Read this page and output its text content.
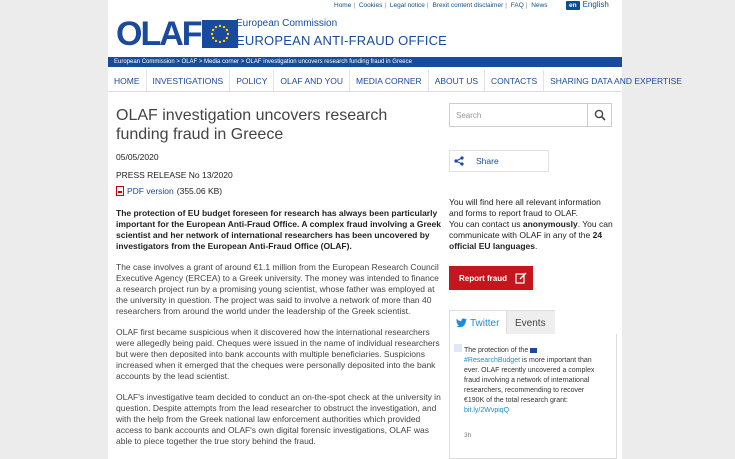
Home | Cookies | Legal notice | Brexit content disclaimer | FAQ | News	en English
OLAF	European Commission
EUROPEAN ANTI-FRAUD OFFICE
European Commission > OLAF > Media corner > OLAF investigation uncovers research funding fraud in Greece
HOME	INVESTIGATIONS	POLICY	OLAF AND YOU	MEDIA CORNER	ABOUT US	CONTACTS	SHARING DATA AND EXPERTISE
OLAF investigation uncovers research funding fraud in Greece
05/05/2020
PRESS RELEASE No 13/2020
PDF version (355.06 KB)

The protection of EU budget foreseen for research has always been particularly important for the European Anti-Fraud Office. A complex fraud involving a Greek scientist and her network of international researchers has been uncovered by investigators from the European Anti-Fraud Office (OLAF).

The case involves a grant of around €1.1 million from the European Research Council Executive Agency (ERCEA) to a Greek university. The money was intended to finance a research project run by a promising young scientist, whose father was employed at the university in question. The project was said to involve a network of more than 40 researchers from around the world under the leadership of the Greek scientist.

OLAF first became suspicious when it discovered how the international researchers were allegedly being paid. Cheques were issued in the name of individual researchers but were then deposited into bank accounts with multiple beneficiaries. Suspicions increased when it emerged that the cheques were personally deposited into the bank accounts by the lead scientist.

OLAF's investigative team decided to conduct an on-the-spot check at the university in question. Despite attempts from the lead researcher to obstruct the investigation, and with the help from the Greek national law enforcement authorities which provided access to bank accounts and OLAF's own digital forensic investigations, OLAF was able to piece together the true story behind the fraud.

Search
Share
You will find here all relevant information and forms to report fraud to OLAF.
You can contact us anonymously. You can communicate with OLAF in any of the 24 official EU languages.
Report fraud
Twitter Events
The protection of the
#ResearchBudget is more important than ever. OLAF recently uncovered a complex fraud involving a network of international researchers, recommending to recover €190K of the total research grant: bit.ly/2WvpiqQ
3h
